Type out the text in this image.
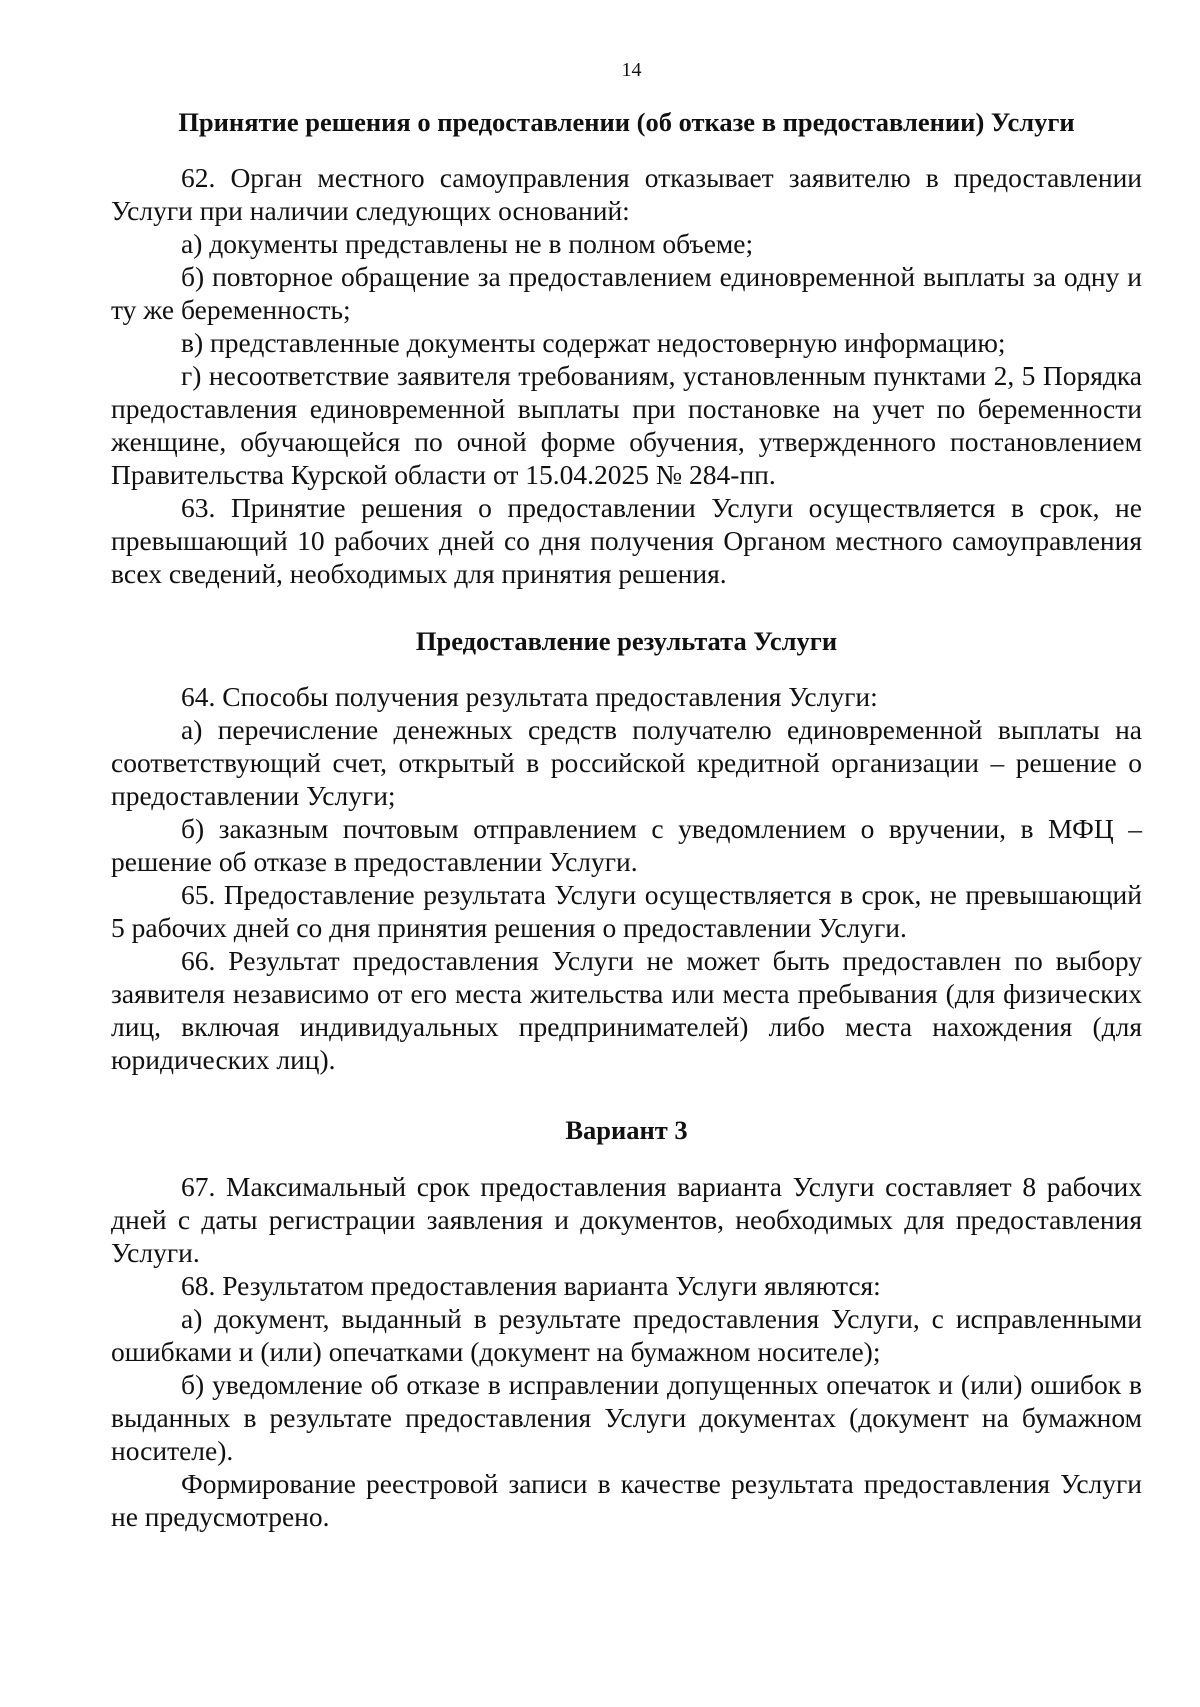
14
Принятие решения о предоставлении (об отказе в предоставлении) Услуги

62. Орган местного самоуправления отказывает заявителю в предоставлении Услуги при наличии следующих оснований:

а) документы представлены не в полном объеме;

б) повторное обращение за предоставлением единовременной выплаты за одну и ту же беременность;

в) представленные документы содержат недостоверную информацию;

г) несоответствие заявителя требованиям, установленным пунктами 2, 5 Порядка предоставления единовременной выплаты при постановке на учет по беременности женщине, обучающейся по очной форме обучения, утвержденного постановлением Правительства Курской области от 15.04.2025 № 284-пп.

63. Принятие решения о предоставлении Услуги осуществляется в срок, не превышающий 10 рабочих дней со дня получения Органом местного самоуправления всех сведений, необходимых для принятия решения.

Предоставление результата Услуги

64. Способы получения результата предоставления Услуги:

а) перечисление денежных средств получателю единовременной выплаты на соответствующий счет, открытый в российской кредитной организации – решение о предоставлении Услуги;

б) заказным почтовым отправлением с уведомлением о вручении, в МФЦ – решение об отказе в предоставлении Услуги.

65. Предоставление результата Услуги осуществляется в срок, не превышающий 5 рабочих дней со дня принятия решения о предоставлении Услуги.

66. Результат предоставления Услуги не может быть предоставлен по выбору заявителя независимо от его места жительства или места пребывания (для физических лиц, включая индивидуальных предпринимателей) либо места нахождения (для юридических лиц).

Вариант 3

67. Максимальный срок предоставления варианта Услуги составляет 8 рабочих дней с даты регистрации заявления и документов, необходимых для предоставления Услуги.

68. Результатом предоставления варианта Услуги являются:

а) документ, выданный в результате предоставления Услуги, с исправленными ошибками и (или) опечатками (документ на бумажном носителе);

б) уведомление об отказе в исправлении допущенных опечаток и (или) ошибок в выданных в результате предоставления Услуги документах (документ на бумажном носителе).

Формирование реестровой записи в качестве результата предоставления Услуги не предусмотрено.
